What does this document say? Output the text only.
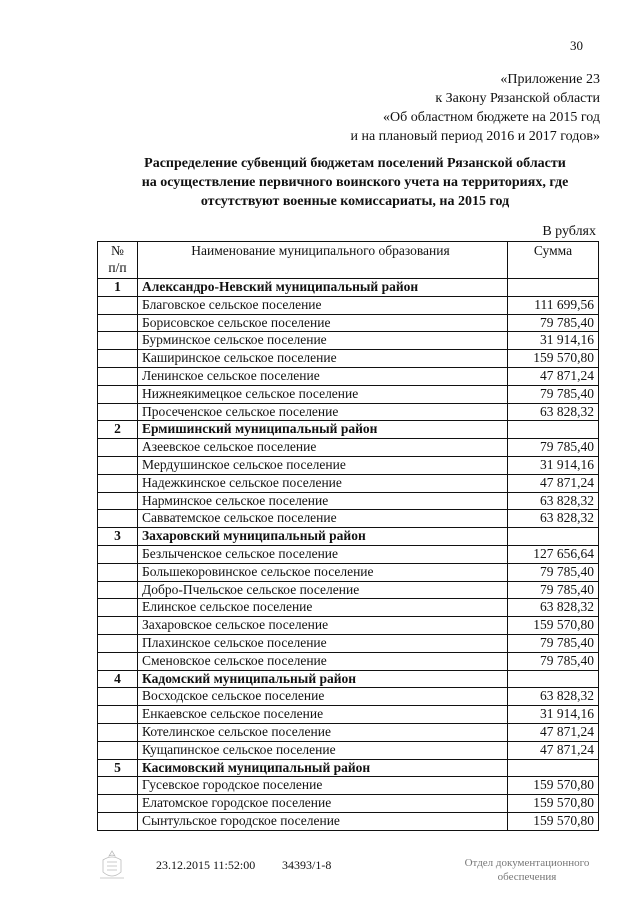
30
«Приложение 23
к Закону Рязанской области
«Об областном бюджете на 2015 год
и на плановый период 2016 и 2017 годов»
Распределение субвенций бюджетам поселений Рязанской области
на осуществление первичного воинского учета на территориях, где
отсутствуют военные комиссариаты, на 2015 год
В рублях
№
п/п	Наименование муниципального образования	Сумма
1	Александро-Невский муниципальный район	
	Благовское сельское поселение	111 699,56
	Борисовское сельское поселение	79 785,40
	Бурминское сельское поселение	31 914,16
	Каширинское сельское поселение	159 570,80
	Ленинское сельское поселение	47 871,24
	Нижнеякимецкое сельское поселение	79 785,40
	Просеченское сельское поселение	63 828,32
2	Ермишинский муниципальный район	
	Азеевское сельское поселение	79 785,40
	Мердушинское сельское поселение	31 914,16
	Надежкинское сельское поселение	47 871,24
	Нарминское сельское поселение	63 828,32
	Савватемское сельское поселение	63 828,32
3	Захаровский муниципальный район	
	Безлыченское сельское поселение	127 656,64
	Большекоровинское сельское поселение	79 785,40
	Добро-Пчельское сельское поселение	79 785,40
	Елинское сельское поселение	63 828,32
	Захаровское сельское поселение	159 570,80
	Плахинское сельское поселение	79 785,40
	Сменовское сельское поселение	79 785,40
4	Кадомский муниципальный район	
	Восходское сельское поселение	63 828,32
	Енкаевское сельское поселение	31 914,16
	Котелинское сельское поселение	47 871,24
	Кущапинское сельское поселение	47 871,24
5	Касимовский муниципальный район	
	Гусевское городское поселение	159 570,80
	Елатомское городское поселение	159 570,80
	Сынтульское городское поселение	159 570,80
23.12.2015 11:52:00 34393/1-8	Отдел документационного
обеспечения
